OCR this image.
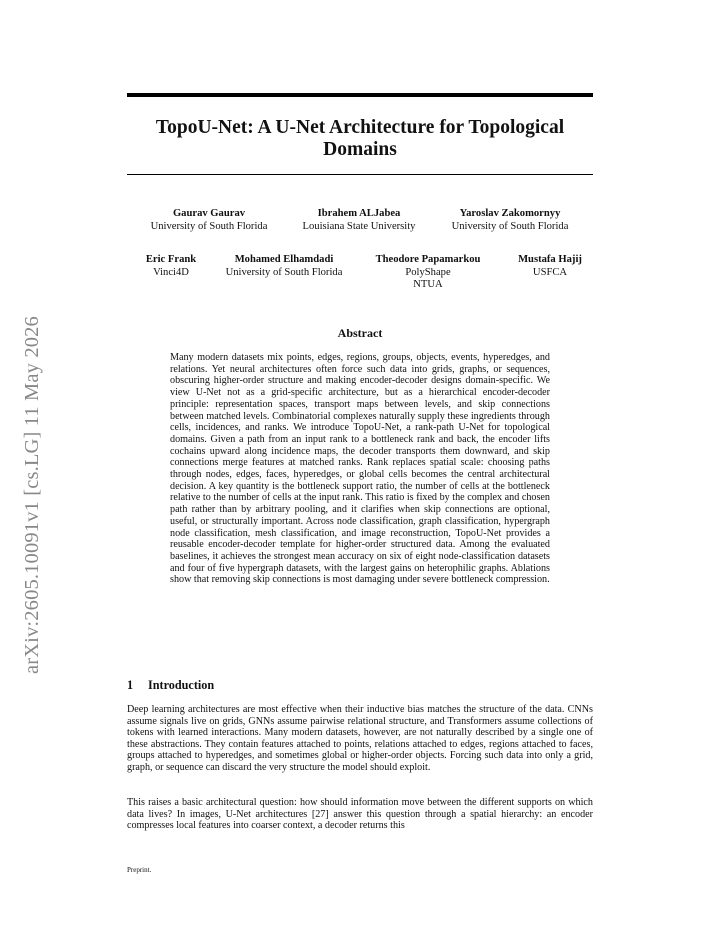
arXiv:2605.10091v1 [cs.LG] 11 May 2026
TopoU-Net: A U-Net Architecture for Topological Domains
Gaurav Gaurav
University of South Florida
Ibrahem ALJabea
Louisiana State University
Yaroslav Zakomornyy
University of South Florida
Eric Frank
Vinci4D
Mohamed Elhamdadi
University of South Florida
Theodore Papamarkou
PolyShape
NTUA
Mustafa Hajij
USFCA
Abstract
Many modern datasets mix points, edges, regions, groups, objects, events, hyperedges, and relations. Yet neural architectures often force such data into grids, graphs, or sequences, obscuring higher-order structure and making encoder-decoder designs domain-specific. We view U-Net not as a grid-specific architecture, but as a hierarchical encoder-decoder principle: representation spaces, transport maps between levels, and skip connections between matched levels. Combinatorial complexes naturally supply these ingredients through cells, incidences, and ranks. We introduce TopoU-Net, a rank-path U-Net for topological domains. Given a path from an input rank to a bottleneck rank and back, the encoder lifts cochains upward along incidence maps, the decoder transports them downward, and skip connections merge features at matched ranks. Rank replaces spatial scale: choosing paths through nodes, edges, faces, hyperedges, or global cells becomes the central architectural decision. A key quantity is the bottleneck support ratio, the number of cells at the bottleneck relative to the number of cells at the input rank. This ratio is fixed by the complex and chosen path rather than by arbitrary pooling, and it clarifies when skip connections are optional, useful, or structurally important. Across node classification, graph classification, hypergraph node classification, mesh classification, and image reconstruction, TopoU-Net provides a reusable encoder-decoder template for higher-order structured data. Among the evaluated baselines, it achieves the strongest mean accuracy on six of eight node-classification datasets and four of five hypergraph datasets, with the largest gains on heterophilic graphs. Ablations show that removing skip connections is most damaging under severe bottleneck compression.
1 Introduction
Deep learning architectures are most effective when their inductive bias matches the structure of the data. CNNs assume signals live on grids, GNNs assume pairwise relational structure, and Transformers assume collections of tokens with learned interactions. Many modern datasets, however, are not naturally described by a single one of these abstractions. They contain features attached to points, relations attached to edges, regions attached to faces, groups attached to hyperedges, and sometimes global or higher-order objects. Forcing such data into only a grid, graph, or sequence can discard the very structure the model should exploit.
This raises a basic architectural question: how should information move between the different supports on which data lives? In images, U-Net architectures [27] answer this question through a spatial hierarchy: an encoder compresses local features into coarser context, a decoder returns this
Preprint.
